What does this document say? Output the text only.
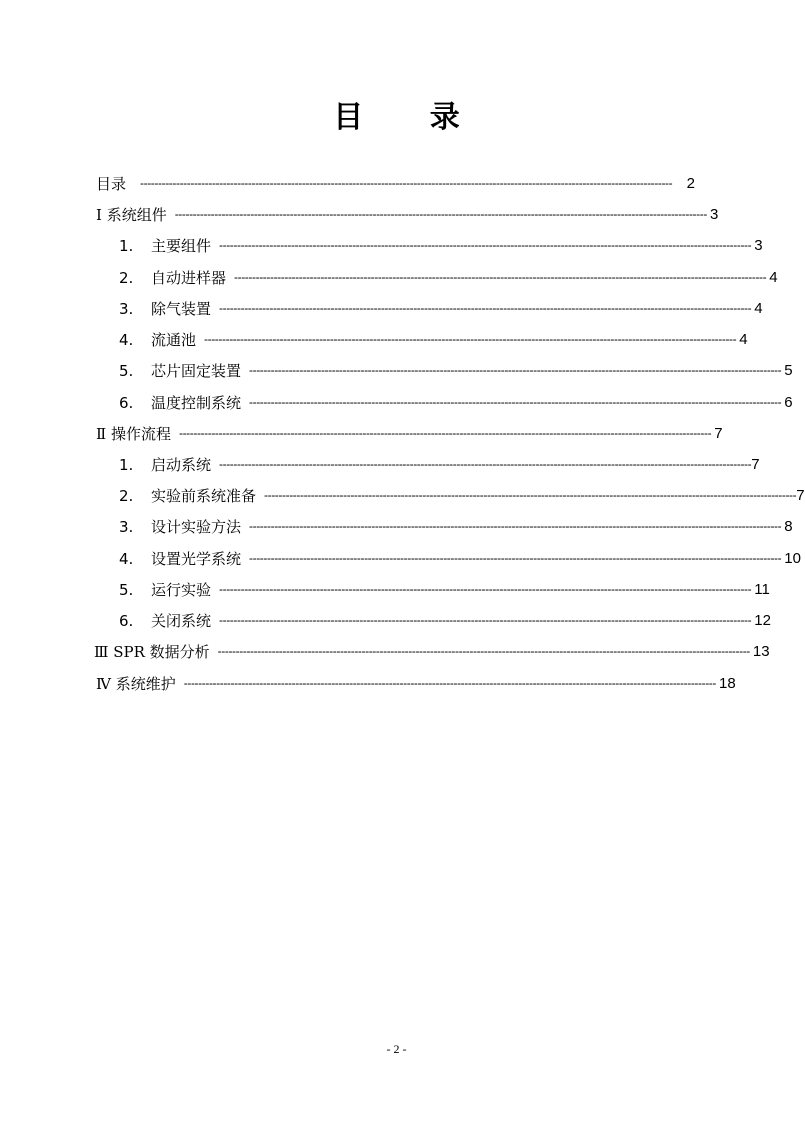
目 录
目录 ---------------------------------------------------------------------------------------------------------------------------------------------------- 2
Ⅰ 系统组件 ---------------------------------------------------------------------------------------------------------------------------------------------------- 3
1.	主要组件 ---------------------------------------------------------------------------------------------------------------------------------------------------- 3
2.	自动进样器 ---------------------------------------------------------------------------------------------------------------------------------------------------- 4
3.	除气装置 ---------------------------------------------------------------------------------------------------------------------------------------------------- 4
4.	流通池 ---------------------------------------------------------------------------------------------------------------------------------------------------- 4
5.	芯片固定装置 ---------------------------------------------------------------------------------------------------------------------------------------------------- 5
6.	温度控制系统 ---------------------------------------------------------------------------------------------------------------------------------------------------- 6
Ⅱ 操作流程 ---------------------------------------------------------------------------------------------------------------------------------------------------- 7
1.	启动系统 ---------------------------------------------------------------------------------------------------------------------------------------------------- 7
2.	实验前系统准备 ---------------------------------------------------------------------------------------------------------------------------------------------------- 7
3.	设计实验方法 ---------------------------------------------------------------------------------------------------------------------------------------------------- 8
4.	设置光学系统 ---------------------------------------------------------------------------------------------------------------------------------------------------- 10
5.	运行实验 ---------------------------------------------------------------------------------------------------------------------------------------------------- 11
6.	关闭系统 ---------------------------------------------------------------------------------------------------------------------------------------------------- 12
Ⅲ SPR 数据分析 ---------------------------------------------------------------------------------------------------------------------------------------------------- 13
Ⅳ 系统维护 ---------------------------------------------------------------------------------------------------------------------------------------------------- 18
- 2 -
